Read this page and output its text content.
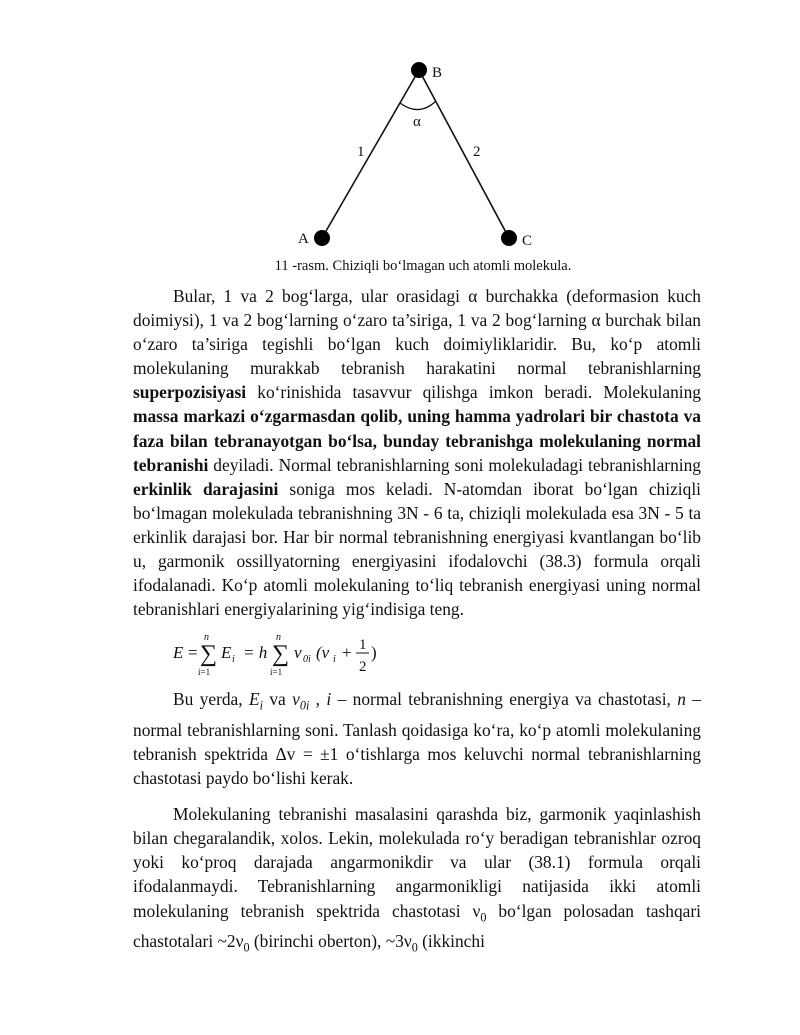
B
A	C
α
1	2
11 -rasm. Chiziqli bo‘lmagan uch atomli molekula.

Bular, 1 va 2 bog‘larga, ular orasidagi α burchakka (deformasion kuch doimiysi), 1 va 2 bog‘larning o‘zaro ta’siriga, 1 va 2 bog‘larning α burchak bilan o‘zaro ta’siriga tegishli bo‘lgan kuch doimiyliklaridir. Bu, ko‘p atomli molekulaning murakkab tebranish harakatini normal tebranishlarning superpozisiyasi ko‘rinishida tasavvur qilishga imkon beradi. Molekulaning massa markazi o‘zgarmasdan qolib, uning hamma yadrolari bir chastota va faza bilan tebranayotgan bo‘lsa, bunday tebranishga molekulaning normal tebranishi deyiladi. Normal tebranishlarning soni molekuladagi tebranishlarning erkinlik darajasini soniga mos keladi. N-atomdan iborat bo‘lgan chiziqli bo‘lmagan molekulada tebranishning 3N - 6 ta, chiziqli molekulada esa 3N - 5 ta erkinlik darajasi bor. Har bir normal tebranishning energiyasi kvantlangan bo‘lib u, garmonik ossillyatorning energiyasini ifodalovchi (38.3) formula orqali ifodalanadi. Ko‘p atomli molekulaning to‘liq tebranish energiyasi uning normal tebranishlari energiyalarining yig‘indisiga teng.

E =
n
∑
i=1
E i = h
n
∑
i=1
ν 0i (v i + 1
2
)

Bu yerda, $E_i$ va $\nu_{0i}$ , i – normal tebranishning energiya va chastotasi, n – normal tebranishlarning soni. Tanlash qoidasiga ko‘ra, ko‘p atomli molekulaning tebranish spektrida Δv = ±1 o‘tishlarga mos keluvchi normal tebranishlarning chastotasi paydo bo‘lishi kerak.

Molekulaning tebranishi masalasini qarashda biz, garmonik yaqinlashish bilan chegaralandik, xolos. Lekin, molekulada ro‘y beradigan tebranishlar ozroq yoki ko‘proq darajada angarmonikdir va ular (38.1) formula orqali ifodalanmaydi. Tebranishlarning angarmonikligi natijasida ikki atomli molekulaning tebranish spektrida chastotasi $\nu_0$ bo‘lgan polosadan tashqari chastotalari $\sim 2\nu_0$ (birinchi oberton), $\sim 3\nu_0$ (ikkinchi
